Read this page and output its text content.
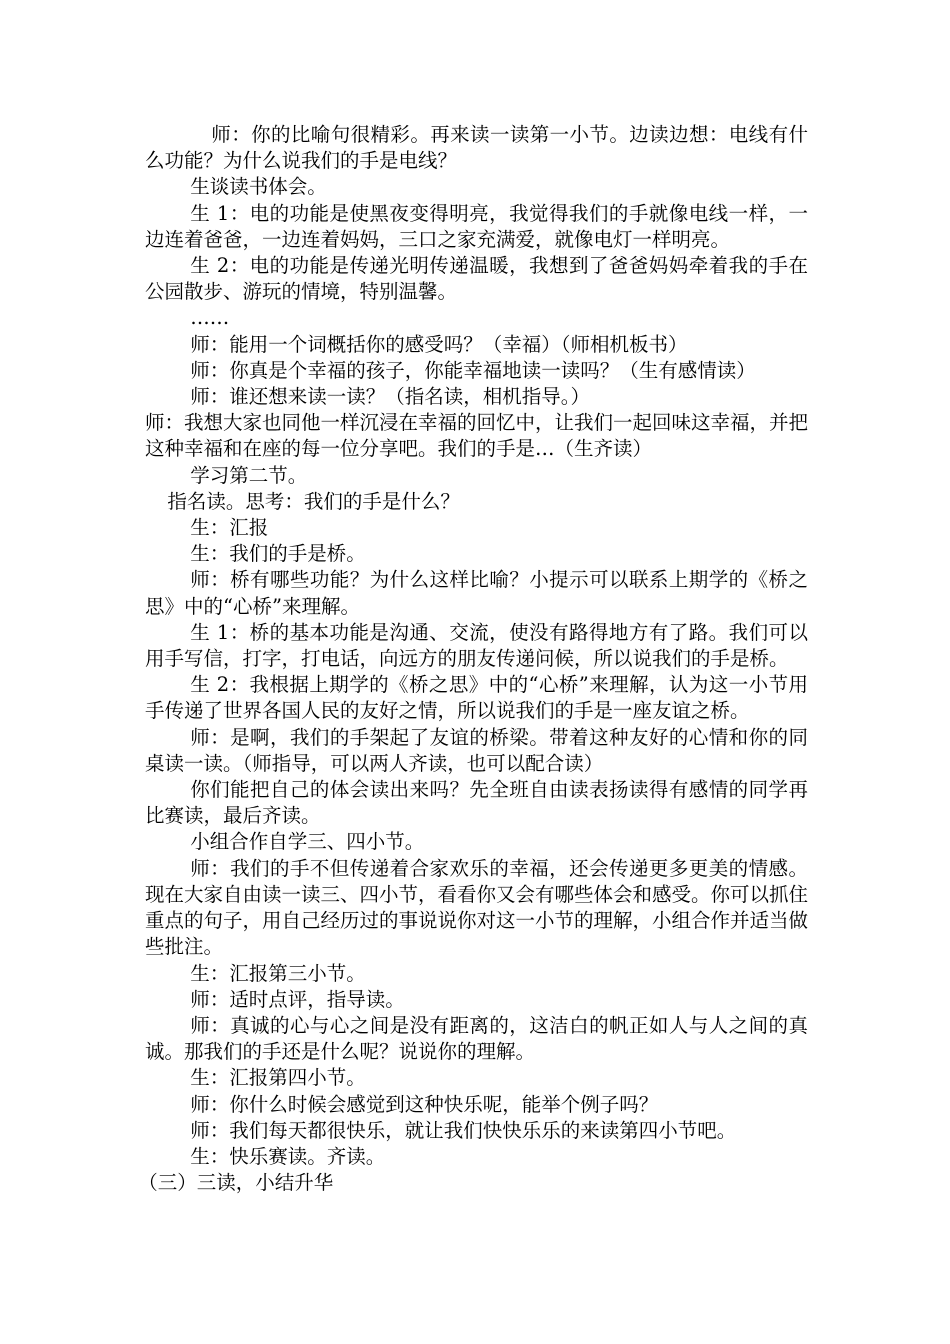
师：你的比喻句很精彩。再来读一读第一小节。边读边想：电线有什么功能？为什么说我们的手是电线？

生谈读书体会。

生 1：电的功能是使黑夜变得明亮，我觉得我们的手就像电线一样，一边连着爸爸，一边连着妈妈，三口之家充满爱，就像电灯一样明亮。

生 2：电的功能是传递光明传递温暖，我想到了爸爸妈妈牵着我的手在公园散步、游玩的情境，特别温馨。

……

师：能用一个词概括你的感受吗？（幸福）（师相机板书）

师：你真是个幸福的孩子，你能幸福地读一读吗？（生有感情读）

师：谁还想来读一读？（指名读，相机指导。）

师：我想大家也同他一样沉浸在幸福的回忆中，让我们一起回味这幸福，并把这种幸福和在座的每一位分享吧。我们的手是…（生齐读）

学习第二节。

指名读。思考：我们的手是什么？

生：汇报

生：我们的手是桥。

师：桥有哪些功能？为什么这样比喻？小提示可以联系上期学的《桥之思》中的“心桥”来理解。

生 1：桥的基本功能是沟通、交流，使没有路得地方有了路。我们可以用手写信，打字，打电话，向远方的朋友传递问候，所以说我们的手是桥。

生 2：我根据上期学的《桥之思》中的“心桥”来理解，认为这一小节用手传递了世界各国人民的友好之情，所以说我们的手是一座友谊之桥。

师：是啊，我们的手架起了友谊的桥梁。带着这种友好的心情和你的同桌读一读。（师指导，可以两人齐读，也可以配合读）

你们能把自己的体会读出来吗？先全班自由读表扬读得有感情的同学再比赛读，最后齐读。

小组合作自学三、四小节。

师：我们的手不但传递着合家欢乐的幸福，还会传递更多更美的情感。现在大家自由读一读三、四小节，看看你又会有哪些体会和感受。你可以抓住重点的句子，用自己经历过的事说说你对这一小节的理解，小组合作并适当做些批注。

生：汇报第三小节。

师：适时点评，指导读。

师：真诚的心与心之间是没有距离的，这洁白的帆正如人与人之间的真诚。那我们的手还是什么呢？说说你的理解。

生：汇报第四小节。

师：你什么时候会感觉到这种快乐呢，能举个例子吗？

师：我们每天都很快乐，就让我们快快乐乐的来读第四小节吧。

生：快乐赛读。齐读。

（三）三读，小结升华
